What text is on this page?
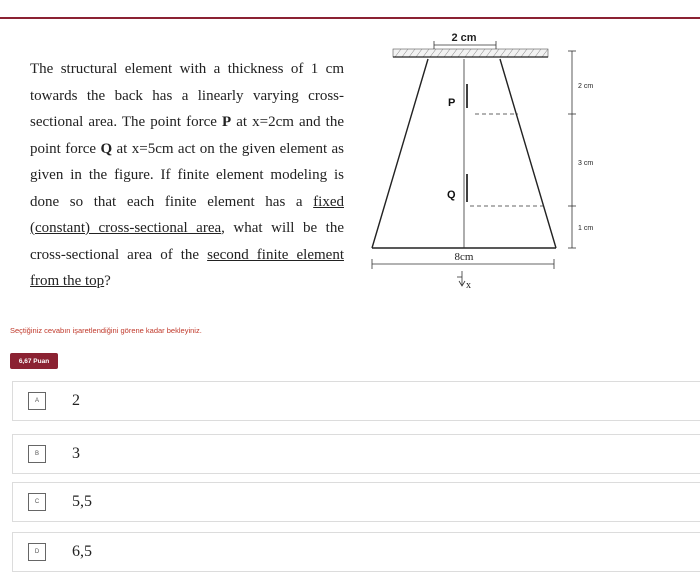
The structural element with a thickness of 1 cm towards the back has a linearly varying cross-sectional area. The point force P at x=2cm and the point force Q at x=5cm act on the given element as given in the figure. If finite element modeling is done so that each finite element has a fixed (constant) cross-sectional area, what will be the cross-sectional area of the second finite element from the top?
2 cm
P
Q
2 cm
3 cm
1 cm
8cm
x
Seçtiğiniz cevabın işaretlendiğini görene kadar bekleyiniz.
6,67 Puan
A	2
B	3
C	5,5
D	6,5
